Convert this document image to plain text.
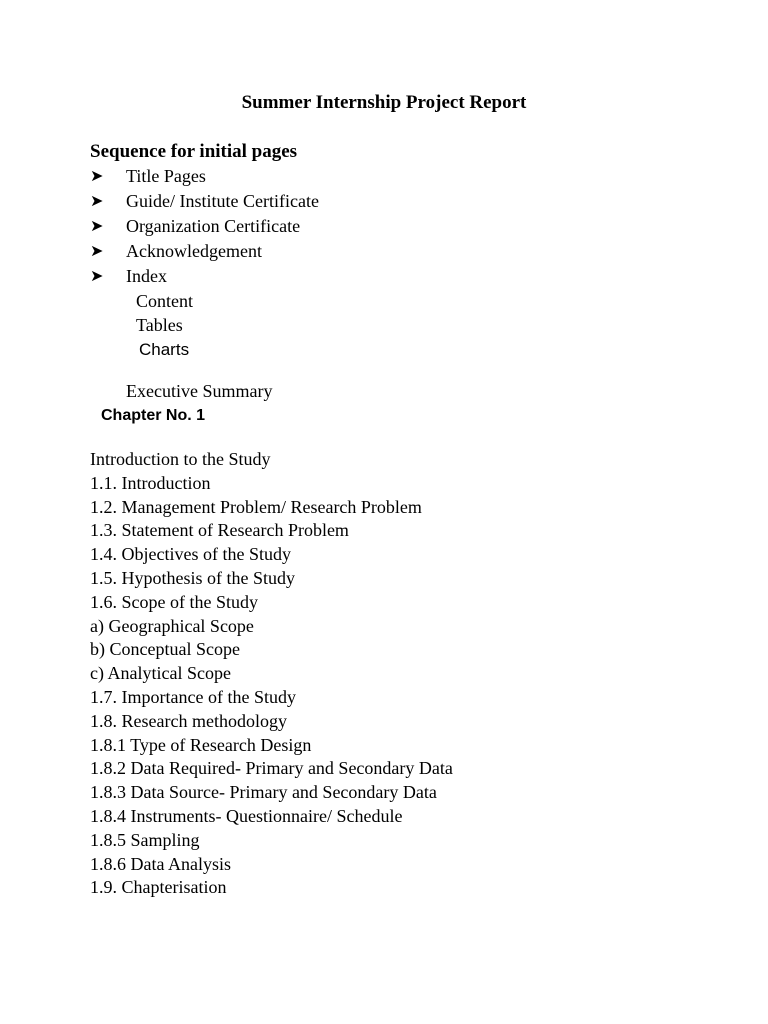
Summer Internship Project Report
Sequence for initial pages
➤	Title Pages
➤	Guide/ Institute Certificate
➤	Organization Certificate
➤	Acknowledgement
➤	Index
Content
Tables
Charts
Executive Summary
Chapter No. 1
Introduction to the Study
1.1. Introduction
1.2. Management Problem/ Research Problem
1.3. Statement of Research Problem
1.4. Objectives of the Study
1.5. Hypothesis of the Study
1.6. Scope of the Study
a) Geographical Scope
b) Conceptual Scope
c) Analytical Scope
1.7. Importance of the Study
1.8. Research methodology
1.8.1 Type of Research Design
1.8.2 Data Required- Primary and Secondary Data
1.8.3 Data Source- Primary and Secondary Data
1.8.4 Instruments- Questionnaire/ Schedule
1.8.5 Sampling
1.8.6 Data Analysis
1.9. Chapterisation
